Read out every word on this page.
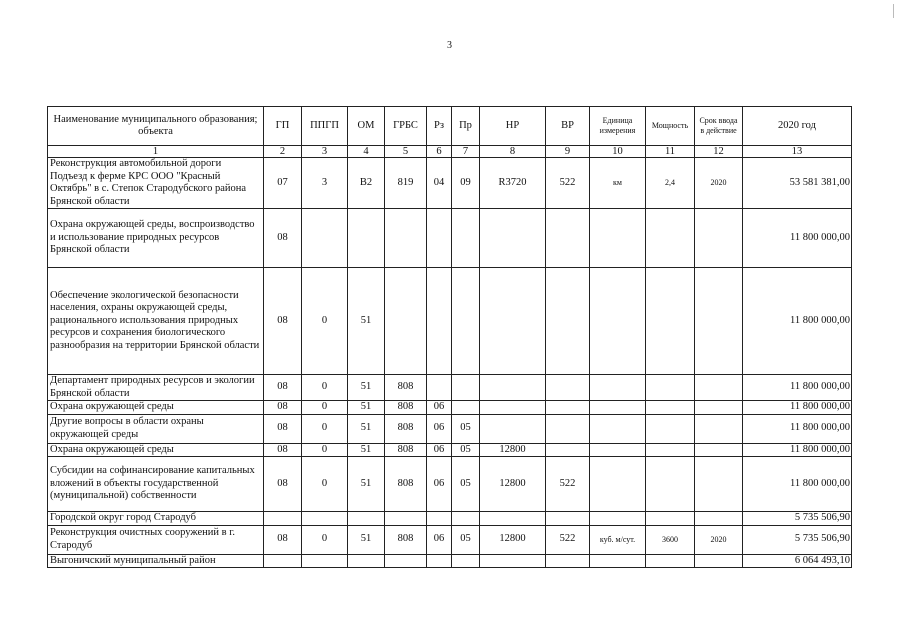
3
Наименование муниципального образования; объекта	ГП	ППГП	ОМ	ГРБС	Рз	Пр	НР	ВР	Единица измерения	Мощность	Срок ввода в действие	2020 год
1	2	3	4	5	6	7	8	9	10	11	12	13
Реконструкция автомобильной дороги Подъезд к ферме КРС ООО "Красный Октябрь" в с. Степок Стародубского района Брянской области	07	3	В2	819	04	09	R3720	522	км	2,4	2020	53 581 381,00
Охрана окружающей среды, воспроизводство и использование природных ресурсов Брянской области	08											11 800 000,00
Обеспечение экологической безопасности населения, охраны окружающей среды, рационального использования природных ресурсов и сохранения биологического разнообразия на территории Брянской области	08	0	51									11 800 000,00
Департамент природных ресурсов и экологии Брянской области	08	0	51	808								11 800 000,00
Охрана окружающей среды	08	0	51	808	06							11 800 000,00
Другие вопросы в области охраны окружающей среды	08	0	51	808	06	05						11 800 000,00
Охрана окружающей среды	08	0	51	808	06	05	12800					11 800 000,00
Субсидии на софинансирование капитальных вложений в объекты государственной (муниципальной) собственности	08	0	51	808	06	05	12800	522				11 800 000,00
Городской округ город Стародуб												5 735 506,90
Реконструкция очистных сооружений в г. Стародуб	08	0	51	808	06	05	12800	522	куб. м/сут.	3600	2020	5 735 506,90
Выгоничский муниципальный район												6 064 493,10
